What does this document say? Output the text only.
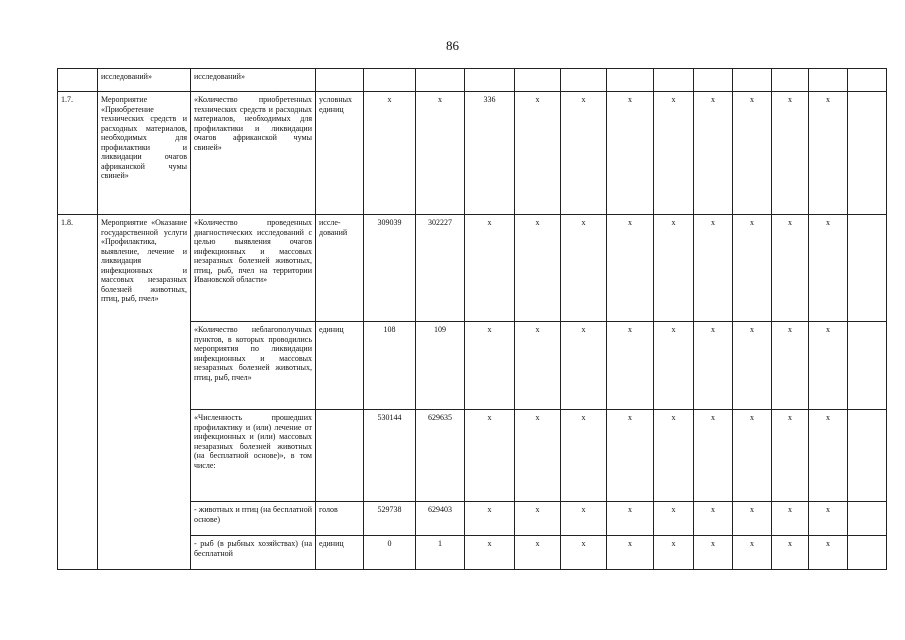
86
	исследований»	исследований»													
1.7.	Мероприятие «Приобретение технических средств и расходных материалов, необходимых для профилактики и ликвидации очагов африканской чумы свиней»	«Количество приобретенных технических средств и расходных материалов, необходимых для профилактики и ликвидации очагов африканской чумы свиней»	условных единиц	x	x	336	x	x	x	x	x	x	x	x	
1.8.	Мероприятие «Оказание государственной услуги «Профилактика, выявление, лечение и ликвидация инфекционных и массовых незаразных болезней животных, птиц, рыб, пчел»	«Количество проведенных диагностических исследований с целью выявления очагов инфекционных и массовых незаразных болезней животных, птиц, рыб, пчел на территории Ивановской области»	иссле-дований	309039	302227	x	x	x	x	x	x	x	x	x	
		«Количество неблагополучных пунктов, в которых проводились мероприятия по ликвидации инфекционных и массовых незаразных болезней животных, птиц, рыб, пчел»	единиц	108	109	x	x	x	x	x	x	x	x	x	
		«Численность прошедших профилактику и (или) лечение от инфекционных и (или) массовых незаразных болезней животных (на бесплатной основе)», в том числе:		530144	629635	x	x	x	x	x	x	x	x	x	
		- животных и птиц (на бесплатной основе)	голов	529738	629403	x	x	x	x	x	x	x	x	x	
		- рыб (в рыбных хозяйствах) (на бесплатной	единиц	0	1	x	x	x	x	x	x	x	x	x	
